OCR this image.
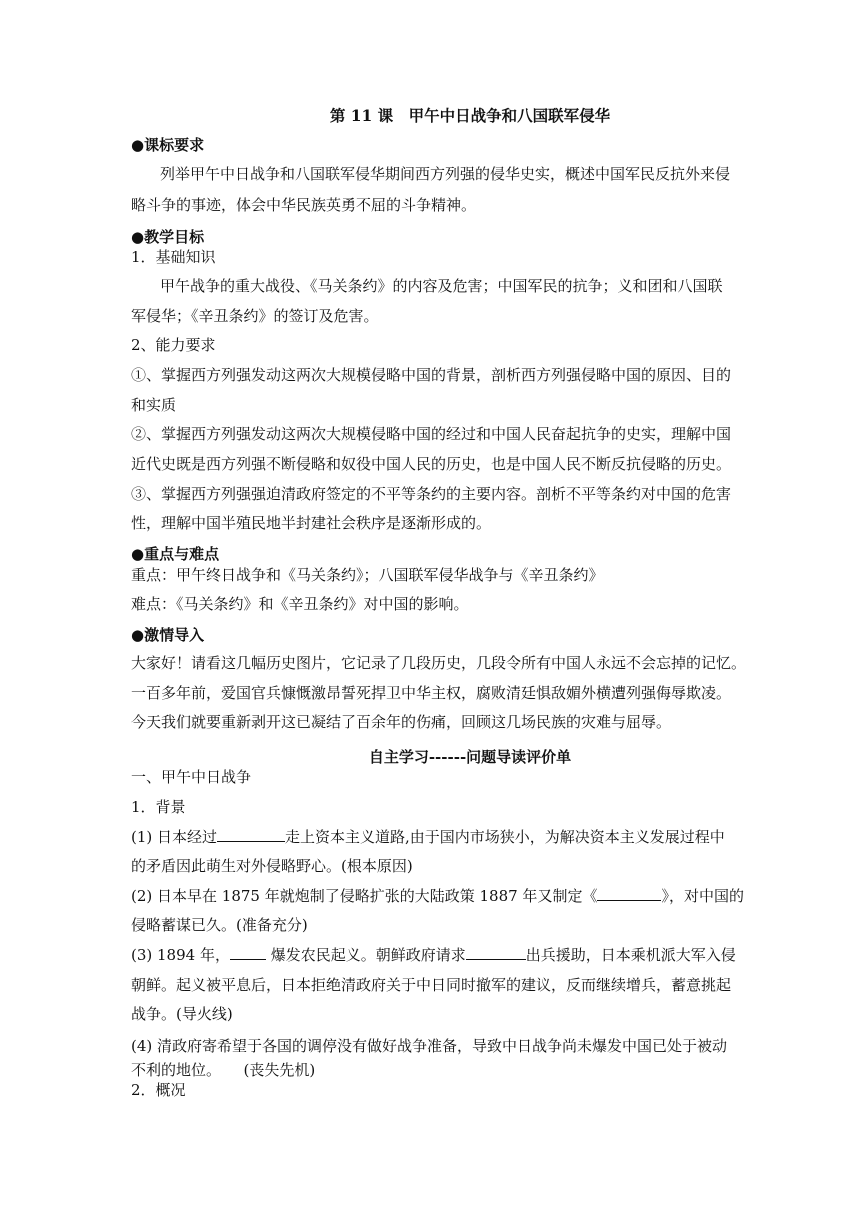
第 11 课　甲午中日战争和八国联军侵华

●课标要求

列举甲午中日战争和八国联军侵华期间西方列强的侵华史实，概述中国军民反抗外来侵

略斗争的事迹，体会中华民族英勇不屈的斗争精神。

●教学目标

1．基础知识

甲午战争的重大战役、《马关条约》的内容及危害；中国军民的抗争；义和团和八国联

军侵华；《辛丑条约》的签订及危害。

2、能力要求

①、掌握西方列强发动这两次大规模侵略中国的背景，剖析西方列强侵略中国的原因、目的

和实质

②、掌握西方列强发动这两次大规模侵略中国的经过和中国人民奋起抗争的史实，理解中国

近代史既是西方列强不断侵略和奴役中国人民的历史，也是中国人民不断反抗侵略的历史。

③、掌握西方列强强迫清政府签定的不平等条约的主要内容。剖析不平等条约对中国的危害

性，理解中国半殖民地半封建社会秩序是逐渐形成的。

●重点与难点

重点：甲午终日战争和《马关条约》；八国联军侵华战争与《辛丑条约》

难点：《马关条约》和《辛丑条约》对中国的影响。

●激情导入

大家好！请看这几幅历史图片，它记录了几段历史，几段令所有中国人永远不会忘掉的记忆。

一百多年前，爱国官兵慷慨激昂誓死捍卫中华主权，腐败清廷惧敌媚外横遭列强侮辱欺凌。

今天我们就要重新剥开这已凝结了百余年的伤痛，回顾这几场民族的灾难与屈辱。

自主学习------问题导读评价单

一、甲午中日战争

1．背景

(1) 日本经过	走上资本主义道路,由于国内市场狭小，为解决资本主义发展过程中

的矛盾因此萌生对外侵略野心。(根本原因)

(2) 日本早在 1875 年就炮制了侵略扩张的大陆政策 1887 年又制定《	》，对中国的

侵略蓄谋已久。(准备充分)

(3) 1894 年， 爆发农民起义。朝鲜政府请求	出兵援助，日本乘机派大军入侵

朝鲜。起义被平息后，日本拒绝清政府关于中日同时撤军的建议，反而继续增兵，蓄意挑起

战争。(导火线)

(4) 清政府寄希望于各国的调停没有做好战争准备，导致中日战争尚未爆发中国已处于被动

不利的地位。　　(丧失先机)

2．概况
